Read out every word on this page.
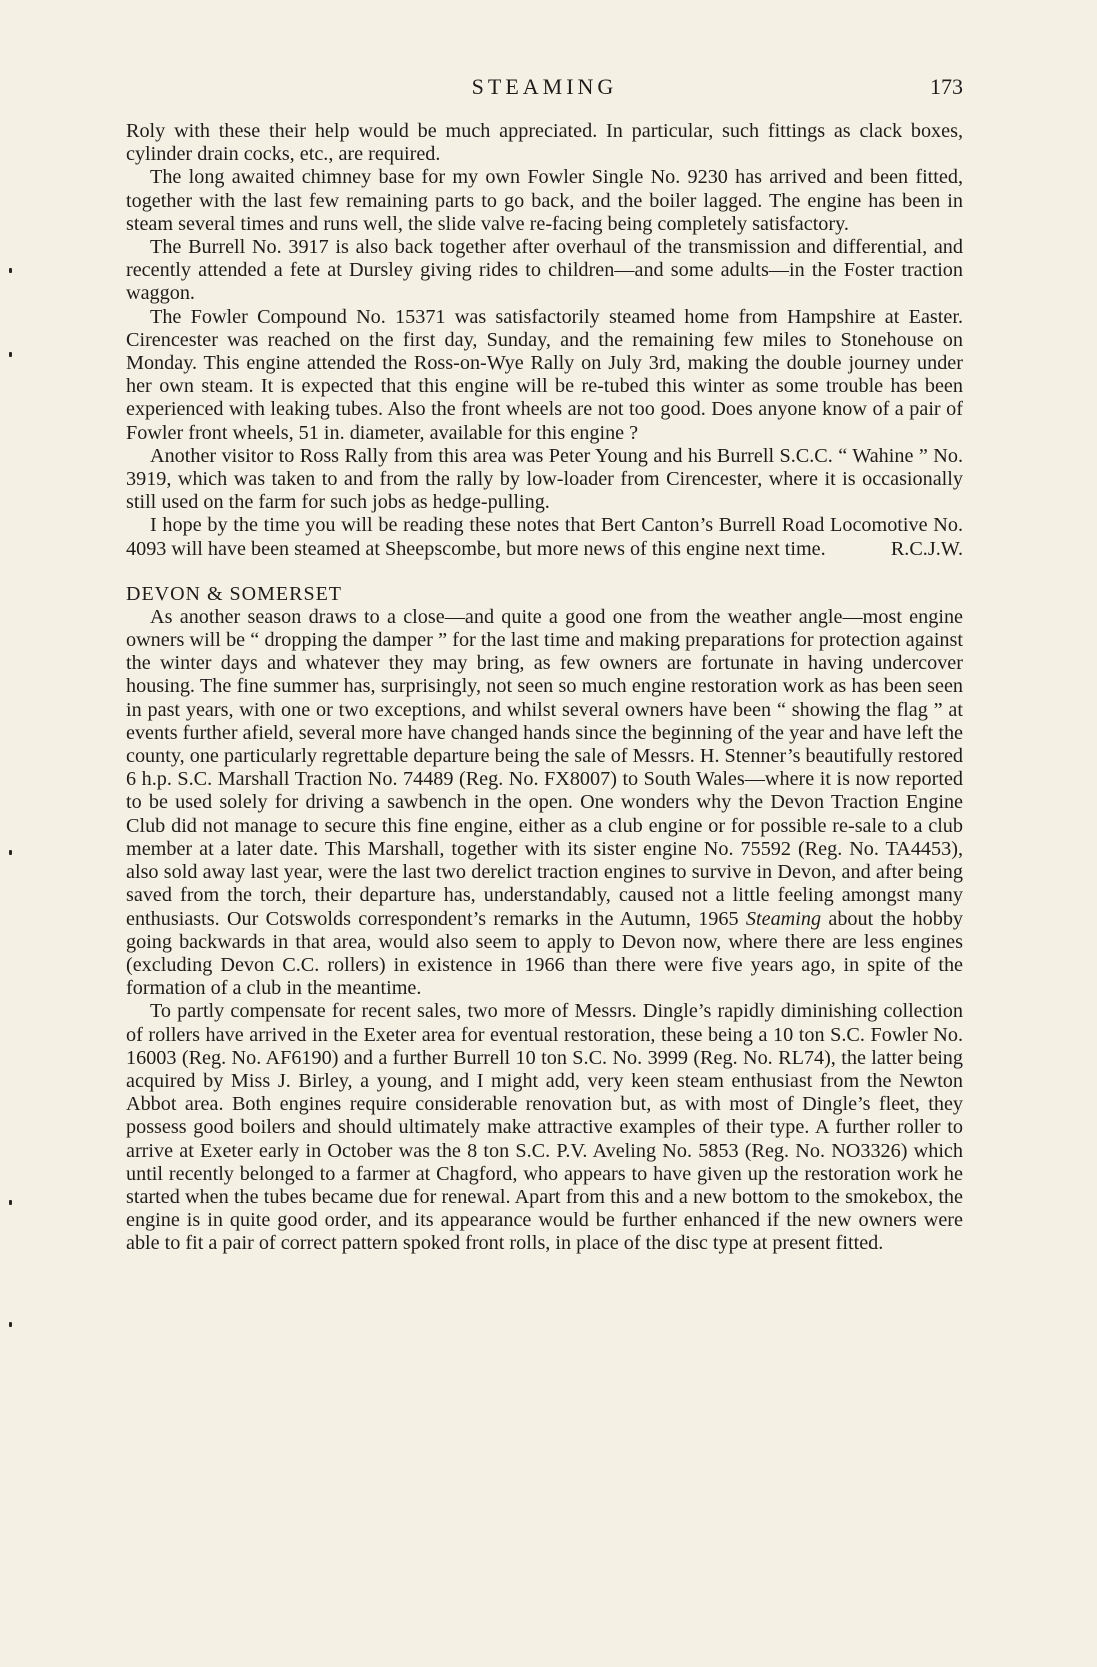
STEAMING	173

Roly with these their help would be much appreciated. In particular, such fittings as clack boxes, cylinder drain cocks, etc., are required.

The long awaited chimney base for my own Fowler Single No. 9230 has arrived and been fitted, together with the last few remaining parts to go back, and the boiler lagged. The engine has been in steam several times and runs well, the slide valve re-facing being completely satisfactory.

The Burrell No. 3917 is also back together after overhaul of the transmission and differential, and recently attended a fete at Dursley giving rides to children—and some adults—in the Foster traction waggon.

The Fowler Compound No. 15371 was satisfactorily steamed home from Hampshire at Easter. Cirencester was reached on the first day, Sunday, and the remaining few miles to Stonehouse on Monday. This engine attended the Ross-on-Wye Rally on July 3rd, making the double journey under her own steam. It is expected that this engine will be re-tubed this winter as some trouble has been experienced with leaking tubes. Also the front wheels are not too good. Does anyone know of a pair of Fowler front wheels, 51 in. diameter, available for this engine ?

Another visitor to Ross Rally from this area was Peter Young and his Burrell S.C.C. “ Wahine ” No. 3919, which was taken to and from the rally by low-loader from Cirencester, where it is occasionally still used on the farm for such jobs as hedge-pulling.

I hope by the time you will be reading these notes that Bert Canton’s Burrell Road Locomotive No. 4093 will have been steamed at Sheepscombe, but more news of this engine next time.	R.C.J.W.

DEVON & SOMERSET

As another season draws to a close—and quite a good one from the weather angle—most engine owners will be “ dropping the damper ” for the last time and making preparations for protection against the winter days and whatever they may bring, as few owners are fortunate in having undercover housing. The fine summer has, surprisingly, not seen so much engine restoration work as has been seen in past years, with one or two exceptions, and whilst several owners have been “ showing the flag ” at events further afield, several more have changed hands since the beginning of the year and have left the county, one particularly regrettable departure being the sale of Messrs. H. Stenner’s beautifully restored 6 h.p. S.C. Marshall Traction No. 74489 (Reg. No. FX8007) to South Wales—where it is now reported to be used solely for driving a sawbench in the open. One wonders why the Devon Traction Engine Club did not manage to secure this fine engine, either as a club engine or for possible re-sale to a club member at a later date. This Marshall, together with its sister engine No. 75592 (Reg. No. TA4453), also sold away last year, were the last two derelict traction engines to survive in Devon, and after being saved from the torch, their departure has, understandably, caused not a little feeling amongst many enthusiasts. Our Cotswolds correspondent’s remarks in the Autumn, 1965 Steaming about the hobby going backwards in that area, would also seem to apply to Devon now, where there are less engines (excluding Devon C.C. rollers) in existence in 1966 than there were five years ago, in spite of the formation of a club in the meantime.

To partly compensate for recent sales, two more of Messrs. Dingle’s rapidly diminishing collection of rollers have arrived in the Exeter area for eventual restoration, these being a 10 ton S.C. Fowler No. 16003 (Reg. No. AF6190) and a further Burrell 10 ton S.C. No. 3999 (Reg. No. RL74), the latter being acquired by Miss J. Birley, a young, and I might add, very keen steam enthusiast from the Newton Abbot area. Both engines require considerable renovation but, as with most of Dingle’s fleet, they possess good boilers and should ultimately make attractive examples of their type. A further roller to arrive at Exeter early in October was the 8 ton S.C. P.V. Aveling No. 5853 (Reg. No. NO3326) which until recently belonged to a farmer at Chagford, who appears to have given up the restoration work he started when the tubes became due for renewal. Apart from this and a new bottom to the smokebox, the engine is in quite good order, and its appearance would be further enhanced if the new owners were able to fit a pair of correct pattern spoked front rolls, in place of the disc type at present fitted.
